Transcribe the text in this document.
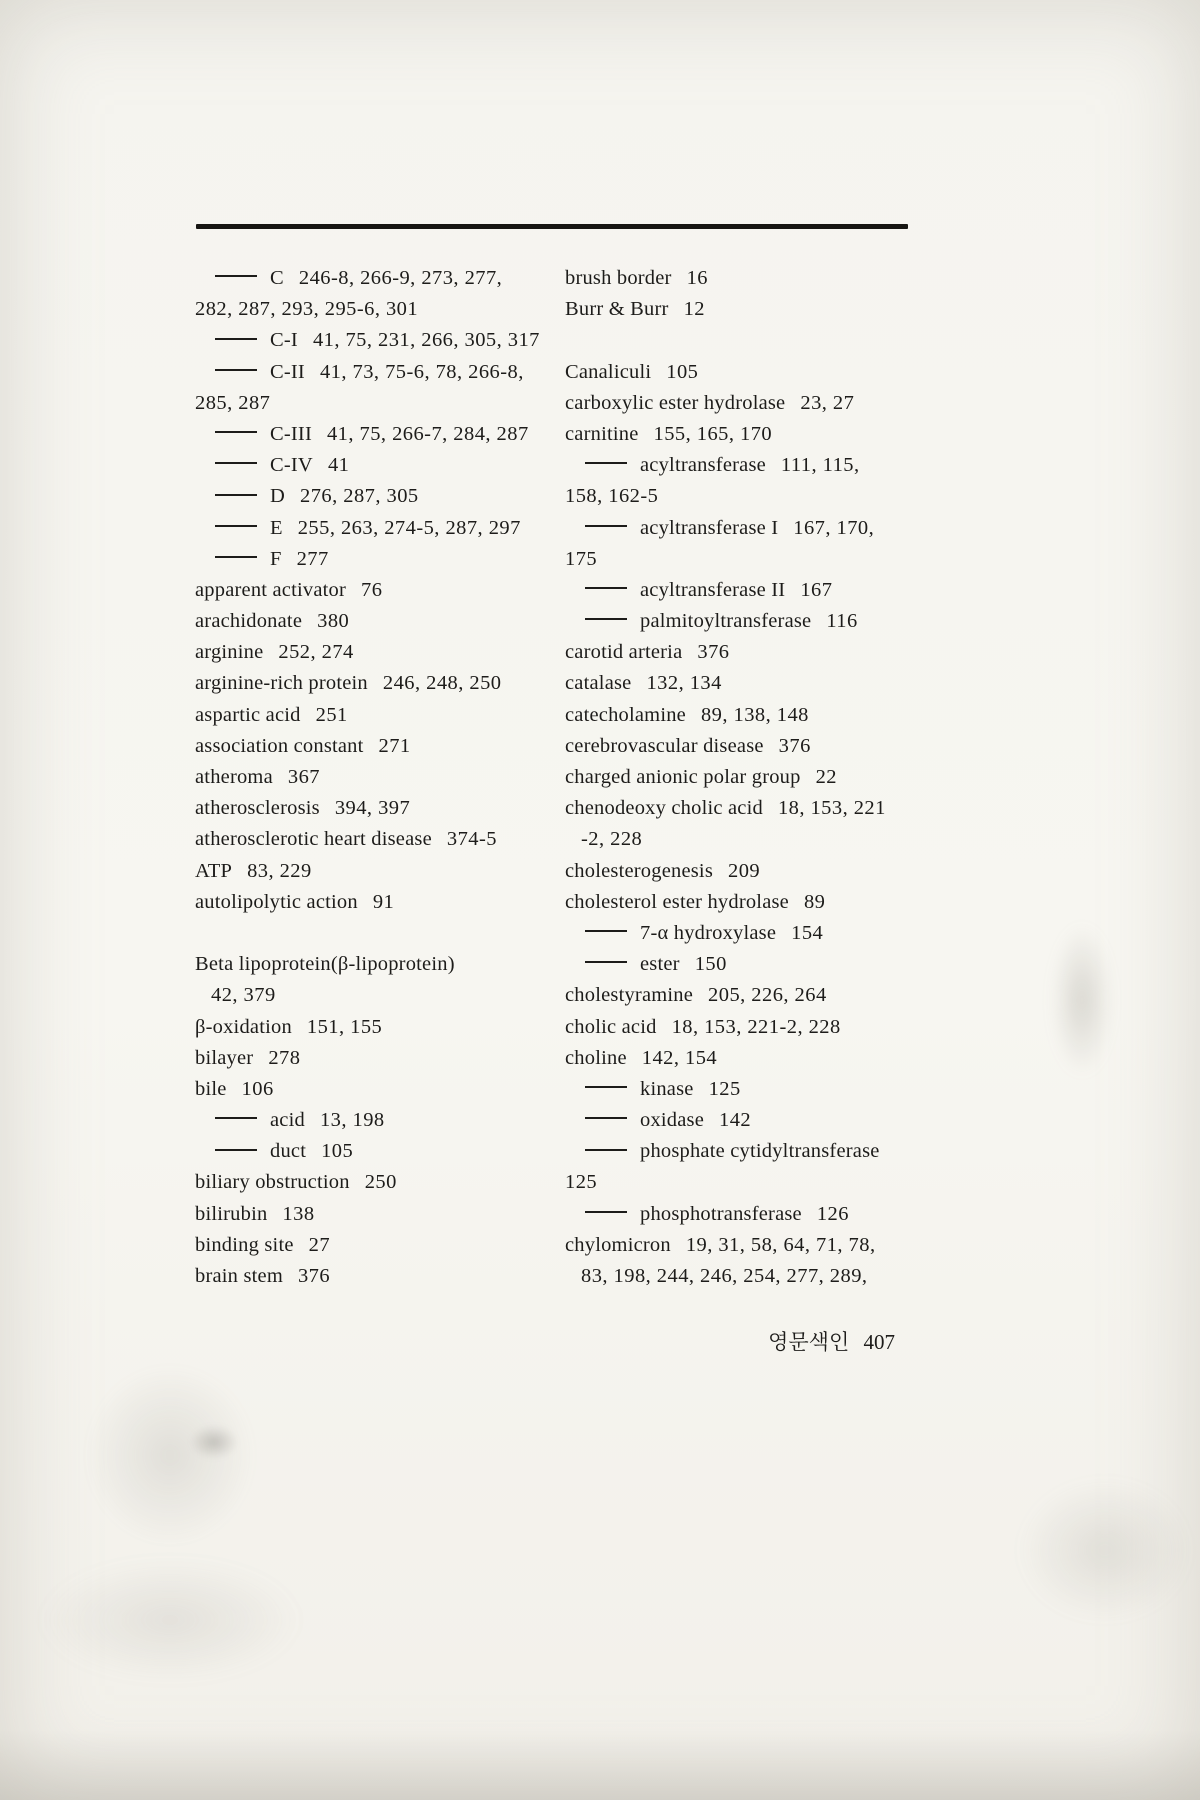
C 246-8, 266-9, 273, 277,
282, 287, 293, 295-6, 301
C-I 41, 75, 231, 266, 305, 317
C-II 41, 73, 75-6, 78, 266-8,
285, 287
C-III 41, 75, 266-7, 284, 287
C-IV 41
D 276, 287, 305
E 255, 263, 274-5, 287, 297
F 277
apparent activator 76
arachidonate 380
arginine 252, 274
arginine-rich protein 246, 248, 250
aspartic acid 251
association constant 271
atheroma 367
atherosclerosis 394, 397
atherosclerotic heart disease 374-5
ATP 83, 229
autolipolytic action 91
Beta lipoprotein(β-lipoprotein)
42, 379
β-oxidation 151, 155
bilayer 278
bile 106
acid 13, 198
duct 105
biliary obstruction 250
bilirubin 138
binding site 27
brain stem 376
brush border 16
Burr & Burr 12
Canaliculi 105
carboxylic ester hydrolase 23, 27
carnitine 155, 165, 170
acyltransferase 111, 115,
158, 162-5
acyltransferase I 167, 170,
175
acyltransferase II 167
palmitoyltransferase 116
carotid arteria 376
catalase 132, 134
catecholamine 89, 138, 148
cerebrovascular disease 376
charged anionic polar group 22
chenodeoxy cholic acid 18, 153, 221
-2, 228
cholesterogenesis 209
cholesterol ester hydrolase 89
7-α hydroxylase 154
ester 150
cholestyramine 205, 226, 264
cholic acid 18, 153, 221-2, 228
choline 142, 154
kinase 125
oxidase 142
phosphate cytidyltransferase
125
phosphotransferase 126
chylomicron 19, 31, 58, 64, 71, 78,
83, 198, 244, 246, 254, 277, 289,
영문색인 407
